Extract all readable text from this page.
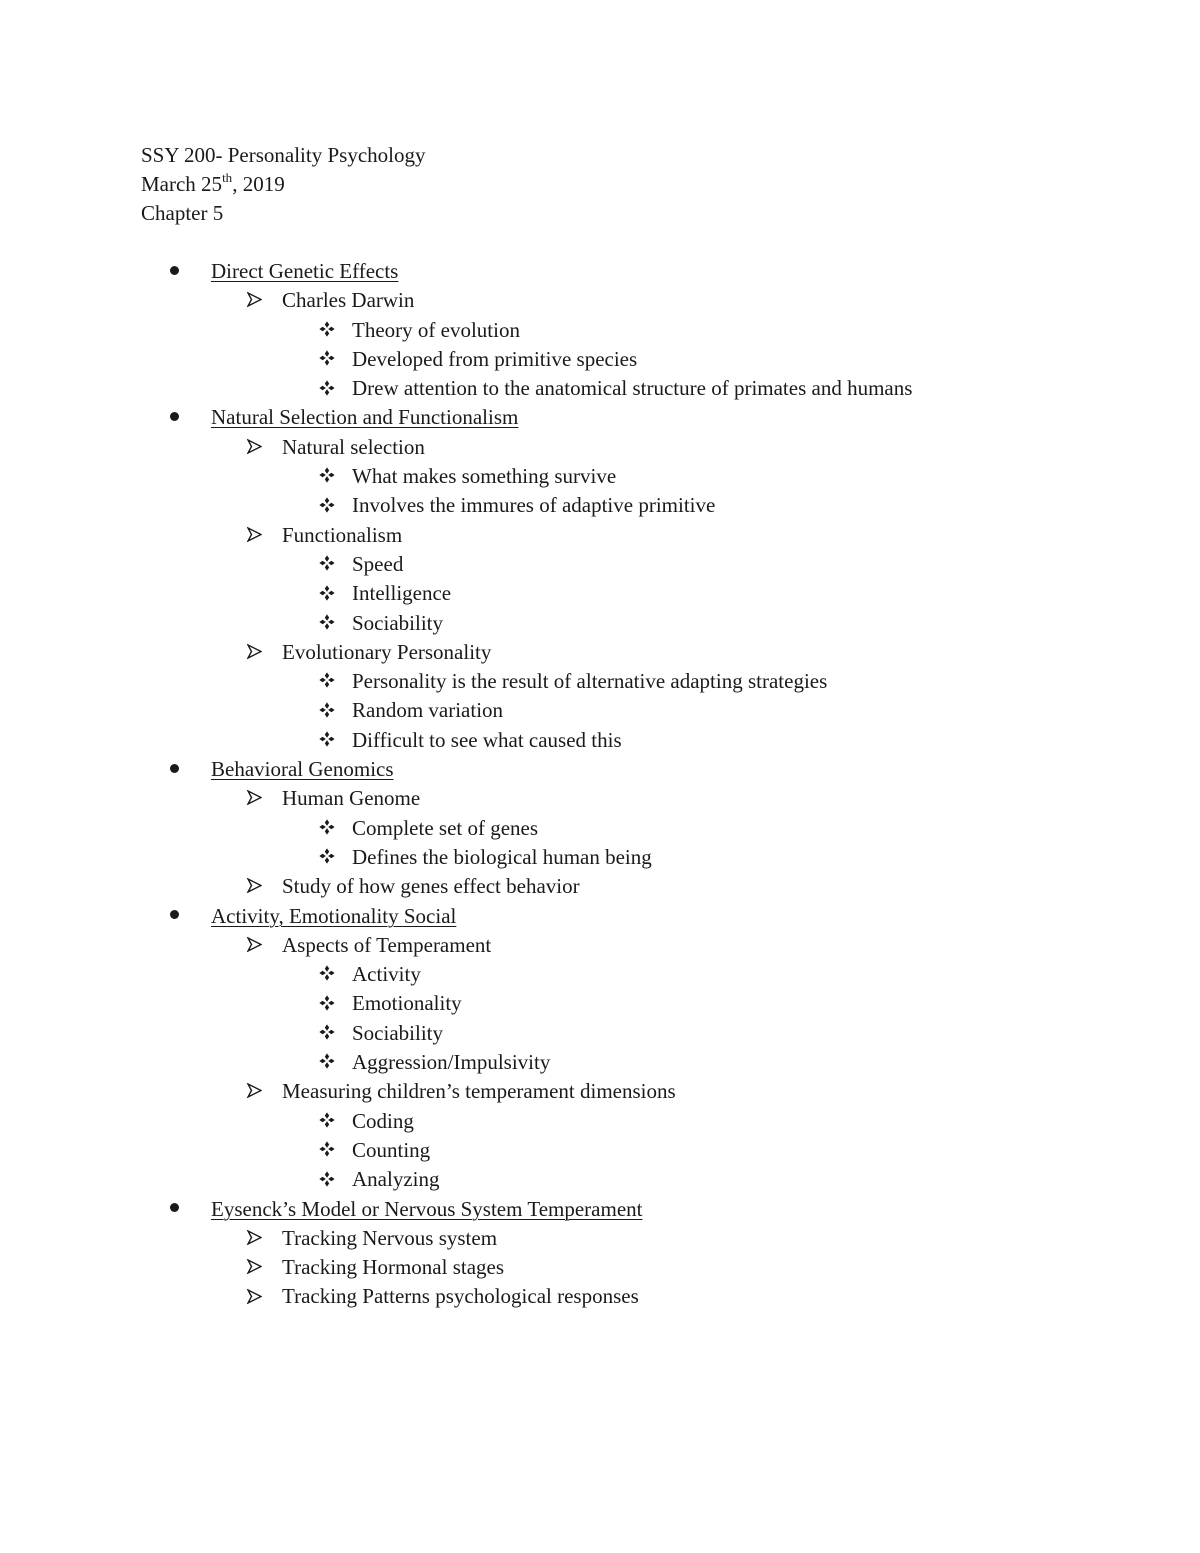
SSY 200- Personality Psychology
March 25th, 2019
Chapter 5
Direct Genetic Effects
Charles Darwin
Theory of evolution
Developed from primitive species
Drew attention to the anatomical structure of primates and humans
Natural Selection and Functionalism
Natural selection
What makes something survive
Involves the immures of adaptive primitive
Functionalism
Speed
Intelligence
Sociability
Evolutionary Personality
Personality is the result of alternative adapting strategies
Random variation
Difficult to see what caused this
Behavioral Genomics
Human Genome
Complete set of genes
Defines the biological human being
Study of how genes effect behavior
Activity, Emotionality Social
Aspects of Temperament
Activity
Emotionality
Sociability
Aggression/Impulsivity
Measuring children’s temperament dimensions
Coding
Counting
Analyzing
Eysenck’s Model or Nervous System Temperament
Tracking Nervous system
Tracking Hormonal stages
Tracking Patterns psychological responses
